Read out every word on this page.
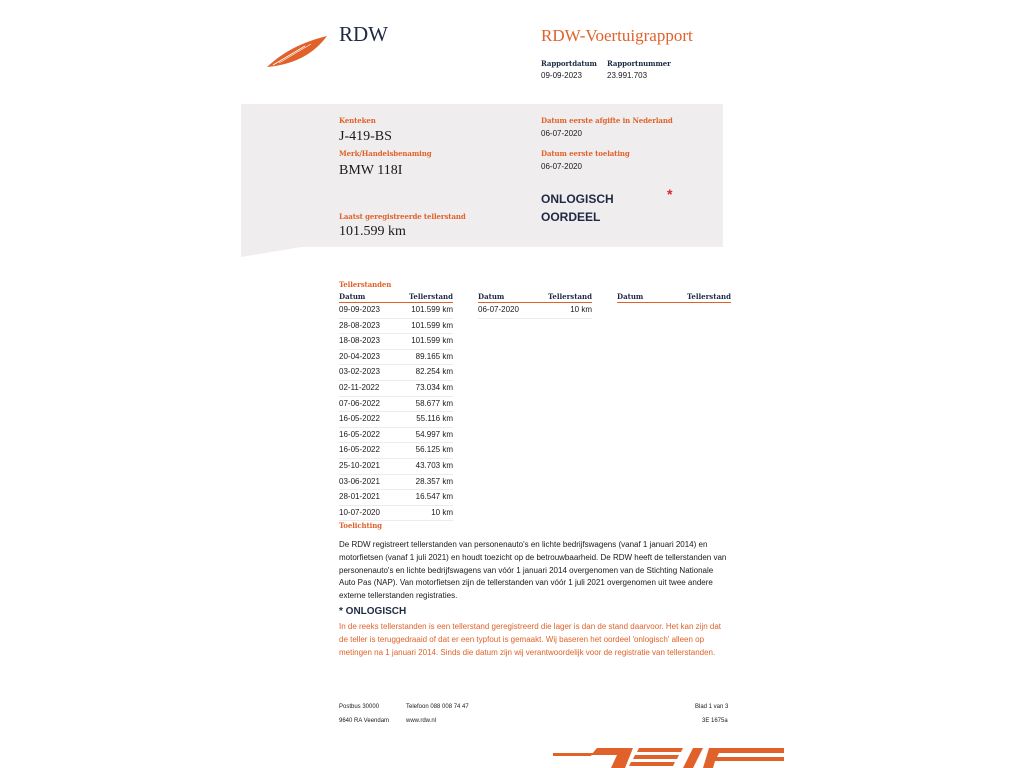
RDW	RDW-Voertuigrapport
Rapportdatum
09-09-2023
Rapportnummer
23.991.703
Kenteken
J-419-BS
Merk/Handelsbenaming
BMW 118I
Laatst geregistreerde tellerstand
101.599 km
Datum eerste afgifte in Nederland
06-07-2020
Datum eerste toelating
06-07-2020
ONLOGISCH
OORDEEL
*
Tellerstanden
Datum	Tellerstand
09-09-2023	101.599 km
28-08-2023	101.599 km
18-08-2023	101.599 km
20-04-2023	89.165 km
03-02-2023	82.254 km
02-11-2022	73.034 km
07-06-2022	58.677 km
16-05-2022	55.116 km
16-05-2022	54.997 km
16-05-2022	56.125 km
25-10-2021	43.703 km
03-06-2021	28.357 km
28-01-2021	16.547 km
10-07-2020	10 km
Datum	Tellerstand
06-07-2020	10 km
Datum	Tellerstand
Toelichting
De RDW registreert tellerstanden van personenauto's en lichte bedrijfswagens (vanaf 1 januari 2014) en motorfietsen (vanaf 1 juli 2021) en houdt toezicht op de betrouwbaarheid. De RDW heeft de tellerstanden van personenauto's en lichte bedrijfswagens van vóór 1 januari 2014 overgenomen van de Stichting Nationale Auto Pas (NAP). Van motorfietsen zijn de tellerstanden van vóór 1 juli 2021 overgenomen uit twee andere externe tellerstanden registraties.
* ONLOGISCH
In de reeks tellerstanden is een tellerstand geregistreerd die lager is dan de stand daarvoor. Het kan zijn dat de teller is teruggedraaid of dat er een typfout is gemaakt. Wij baseren het oordeel 'onlogisch' alleen op metingen na 1 januari 2014. Sinds die datum zijn wij verantwoordelijk voor de registratie van tellerstanden.
Postbus 30000
9640 RA Veendam
Telefoon 088 008 74 47
www.rdw.nl
Blad 1 van 3
3E 1675a
